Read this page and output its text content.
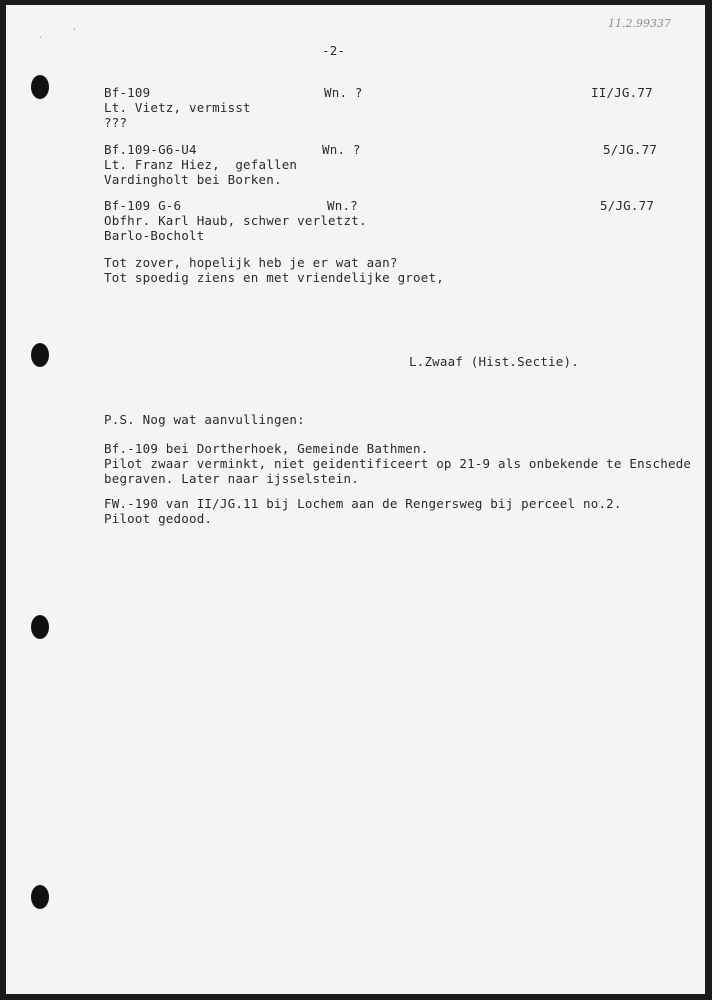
11.2.99337
·
'
-2-
Bf-109	Wn. ?	II/JG.77
Lt. Vietz, vermisst
???
Bf.109-G6-U4	Wn. ?	5/JG.77
Lt. Franz Hiez,  gefallen
Vardingholt bei Borken.
Bf-109 G-6	Wn.?	5/JG.77
Obfhr. Karl Haub, schwer verletzt.
Barlo-Bocholt
Tot zover, hopelijk heb je er wat aan?
Tot spoedig ziens en met vriendelijke groet,
L.Zwaaf (Hist.Sectie).
P.S. Nog wat aanvullingen:
Bf.-109 bei Dortherhoek, Gemeinde Bathmen.
Pilot zwaar verminkt, niet geidentificeert op 21-9 als onbekende te Enschede
begraven. Later naar ijsselstein.
FW.-190 van II/JG.11 bij Lochem aan de Rengersweg bij perceel no.2.
Piloot gedood.
